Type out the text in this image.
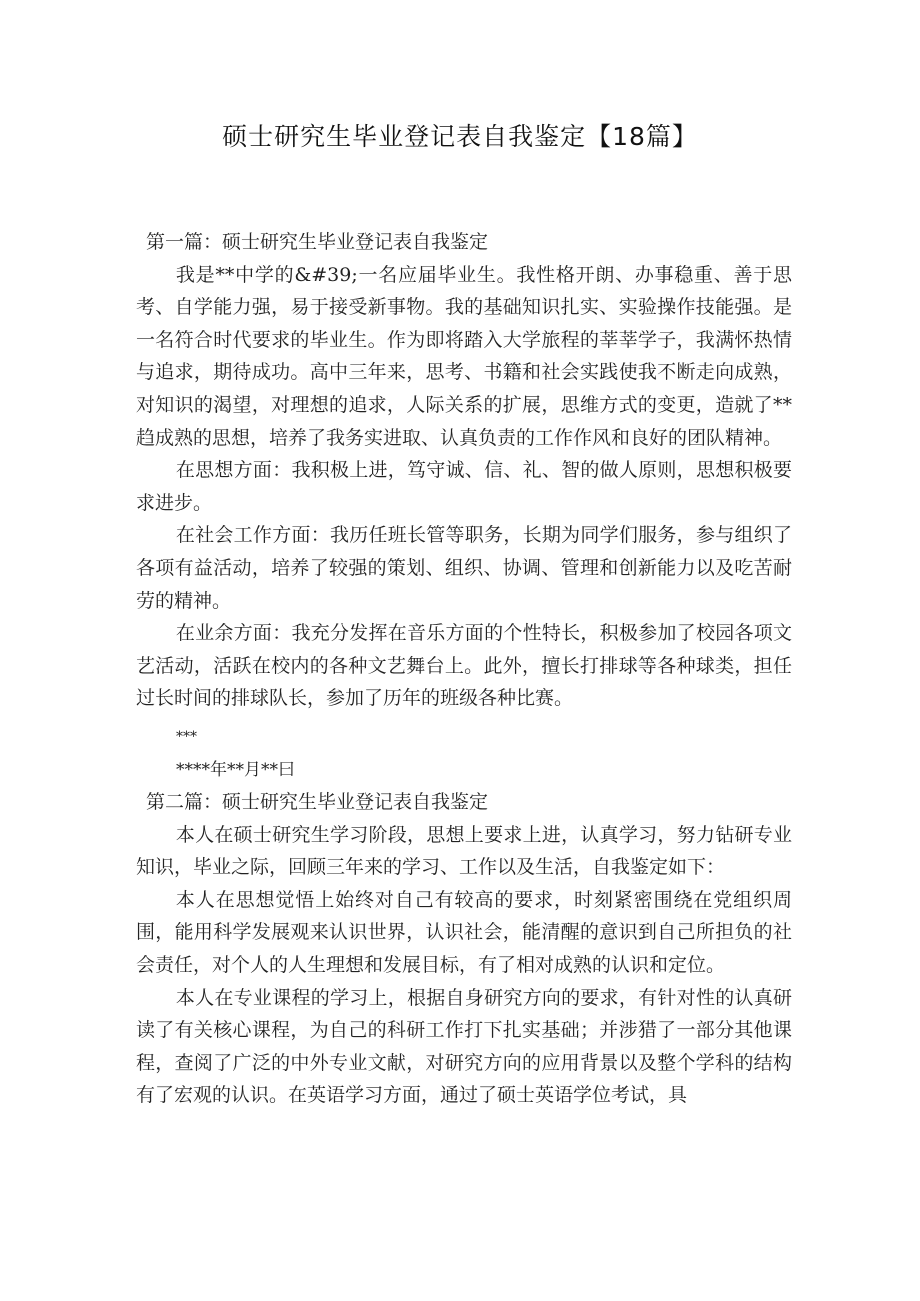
硕士研究生毕业登记表自我鉴定【18篇】

第一篇：硕士研究生毕业登记表自我鉴定

我是**中学的&#39;一名应届毕业生。我性格开朗、办事稳重、善于思考、自学能力强，易于接受新事物。我的基础知识扎实、实验操作技能强。是一名符合时代要求的毕业生。作为即将踏入大学旅程的莘莘学子，我满怀热情与追求，期待成功。高中三年来，思考、书籍和社会实践使我不断走向成熟，对知识的渴望，对理想的追求，人际关系的扩展，思维方式的变更，造就了**趋成熟的思想，培养了我务实进取、认真负责的工作作风和良好的团队精神。

在思想方面：我积极上进，笃守诚、信、礼、智的做人原则，思想积极要求进步。

在社会工作方面：我历任班长管等职务，长期为同学们服务，参与组织了各项有益活动，培养了较强的策划、组织、协调、管理和创新能力以及吃苦耐劳的精神。

在业余方面：我充分发挥在音乐方面的个性特长，积极参加了校园各项文艺活动，活跃在校内的各种文艺舞台上。此外，擅长打排球等各种球类，担任过长时间的排球队长，参加了历年的班级各种比赛。

***

****年**月**曰

第二篇：硕士研究生毕业登记表自我鉴定

本人在硕士研究生学习阶段，思想上要求上进，认真学习，努力钻研专业知识，毕业之际，回顾三年来的学习、工作以及生活，自我鉴定如下：

本人在思想觉悟上始终对自己有较高的要求，时刻紧密围绕在党组织周围，能用科学发展观来认识世界，认识社会，能清醒的意识到自己所担负的社会责任，对个人的人生理想和发展目标，有了相对成熟的认识和定位。

本人在专业课程的学习上，根据自身研究方向的要求，有针对性的认真研读了有关核心课程，为自己的科研工作打下扎实基础；并涉猎了一部分其他课程，查阅了广泛的中外专业文献，对研究方向的应用背景以及整个学科的结构有了宏观的认识。在英语学习方面，通过了硕士英语学位考试，具
